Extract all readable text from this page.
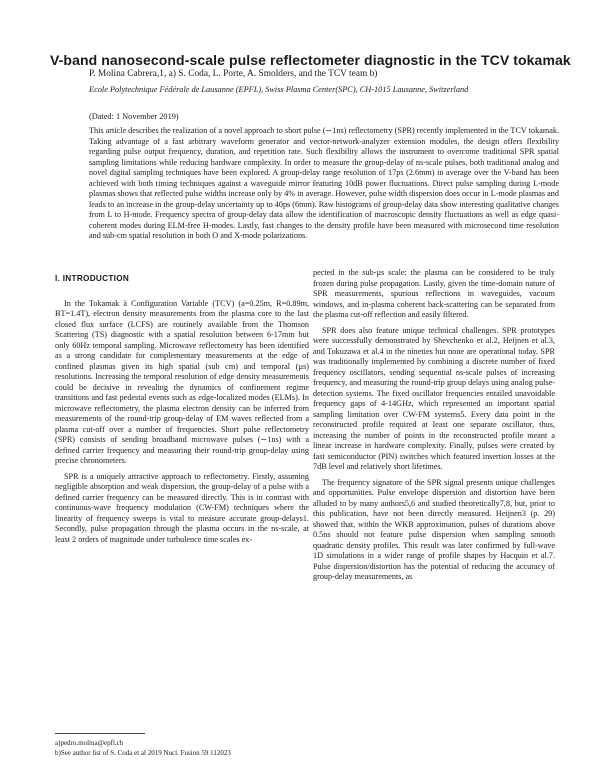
V-band nanosecond-scale pulse reflectometer diagnostic in the TCV tokamak
P. Molina Cabrera,1, a) S. Coda, L. Porte, A. Smolders, and the TCV team b)
Ecole Polytechnique Fédérale de Lausanne (EPFL), Swiss Plasma Center(SPC), CH-1015 Lausanne, Switzerland
(Dated: 1 November 2019)

This article describes the realization of a novel approach to short pulse (∼1ns) reflectometry (SPR) recently implemented in the TCV tokamak. Taking advantage of a fast arbitrary waveform generator and vector-network-analyzer extension modules, the design offers flexibility regarding pulse output frequency, duration, and repetition rate. Such flexibility allows the instrument to overcome traditional SPR spatial sampling limitations while reducing hardware complexity. In order to measure the group-delay of ns-scale pulses, both traditional analog and novel digital sampling techniques have been explored. A group-delay range resolution of 17ps (2.6mm) in average over the V-band has been achieved with both timing techniques against a waveguide mirror featuring 10dB power fluctuations. Direct pulse sampling during L-mode plasmas shows that reflected pulse widths increase only by 4% in average. However, pulse width dispersion does occur in L-mode plasmas and leads to an increase in the group-delay uncertainty up to 40ps (6mm). Raw histograms of group-delay data show interesting qualitative changes from L to H-mode. Frequency spectra of group-delay data allow the identification of macroscopic density fluctuations as well as edge quasi-coherent modes during ELM-free H-modes. Lastly, fast changes to the density profile have been measured with microsecond time resolution and sub-cm spatial resolution in both O and X-mode polarizations.

I. INTRODUCTION

In the Tokamak à Configuration Variable (TCV) (a=0.25m, R=0.89m, BT=1.4T), electron density measurements from the plasma core to the last closed flux surface (LCFS) are routinely available from the Thomson Scattering (TS) diagnostic with a spatial resolution between 6-17mm but only 60Hz temporal sampling. Microwave reflectometry has been identified as a strong candidate for complementary measurements at the edge of confined plasmas given its high spatial (sub cm) and temporal (µs) resolutions. Increasing the temporal resolution of edge density measurements could be decisive in revealing the dynamics of confinement regime transitions and fast pedestal events such as edge-localized modes (ELMs). In microwave reflectometry, the plasma electron density can be inferred from measurements of the round-trip group-delay of EM waves reflected from a plasma cut-off over a number of frequencies. Short pulse reflectometry (SPR) consists of sending broadband microwave pulses (∼1ns) with a defined carrier frequency and measuring their round-trip group-delay using precise chronometers.

SPR is a uniquely attractive approach to reflectometry. Firstly, assuming negligible absorption and weak dispersion, the group-delay of a pulse with a defined carrier frequency can be measured directly. This is in contrast with continuous-wave frequency modulation (CW-FM) techniques where the linearity of frequency sweeps is vital to measure accurate group-delays1. Secondly, pulse propagation through the plasma occurs in the ns-scale, at least 2 orders of magnitude under turbulence time scales ex-

pected in the sub-µs scale: the plasma can be considered to be truly frozen during pulse propagation. Lastly, given the time-domain nature of SPR measurements, spurious reflections in waveguides, vacuum windows, and in-plasma coherent back-scattering can be separated from the plasma cut-off reflection and easily filtered.

SPR does also feature unique technical challenges. SPR prototypes were successfully demonstrated by Shevchenko et al.2, Heijnen et al.3, and Tokuzawa et al.4 in the nineties but none are operational today. SPR was traditionally implemented by combining a discrete number of fixed frequency oscillators, sending sequential ns-scale pulses of increasing frequency, and measuring the round-trip group delays using analog pulse-detection systems. The fixed oscillator frequencies entailed unavoidable frequency gaps of 4-14GHz, which represented an important spatial sampling limitation over CW-FM systems5. Every data point in the reconstructed profile required at least one separate oscillator, thus, increasing the number of points in the reconstructed profile meant a linear increase in hardware complexity. Finally, pulses were created by fast semiconductor (PIN) switches which featured insertion losses at the 7dB level and relatively short lifetimes.

The frequency signature of the SPR signal presents unique challenges and opportunities. Pulse envelope dispersion and distortion have been alluded to by many authors5,6 and studied theoretically7,8, but, prior to this publication, have not been directly measured. Heijnen3 (p. 29) showed that, within the WKB approximation, pulses of durations above 0.5ns should not feature pulse dispersion when sampling smooth quadratic density profiles. This result was later confirmed by full-wave 1D simulations in a wider range of profile shapes by Hacquin et al.7. Pulse dispersion/distortion has the potential of reducing the accuracy of group-delay measurements, as

a)pedro.molina@epfl.ch
b)See author list of S. Coda et al 2019 Nucl. Fusion 59 112023
